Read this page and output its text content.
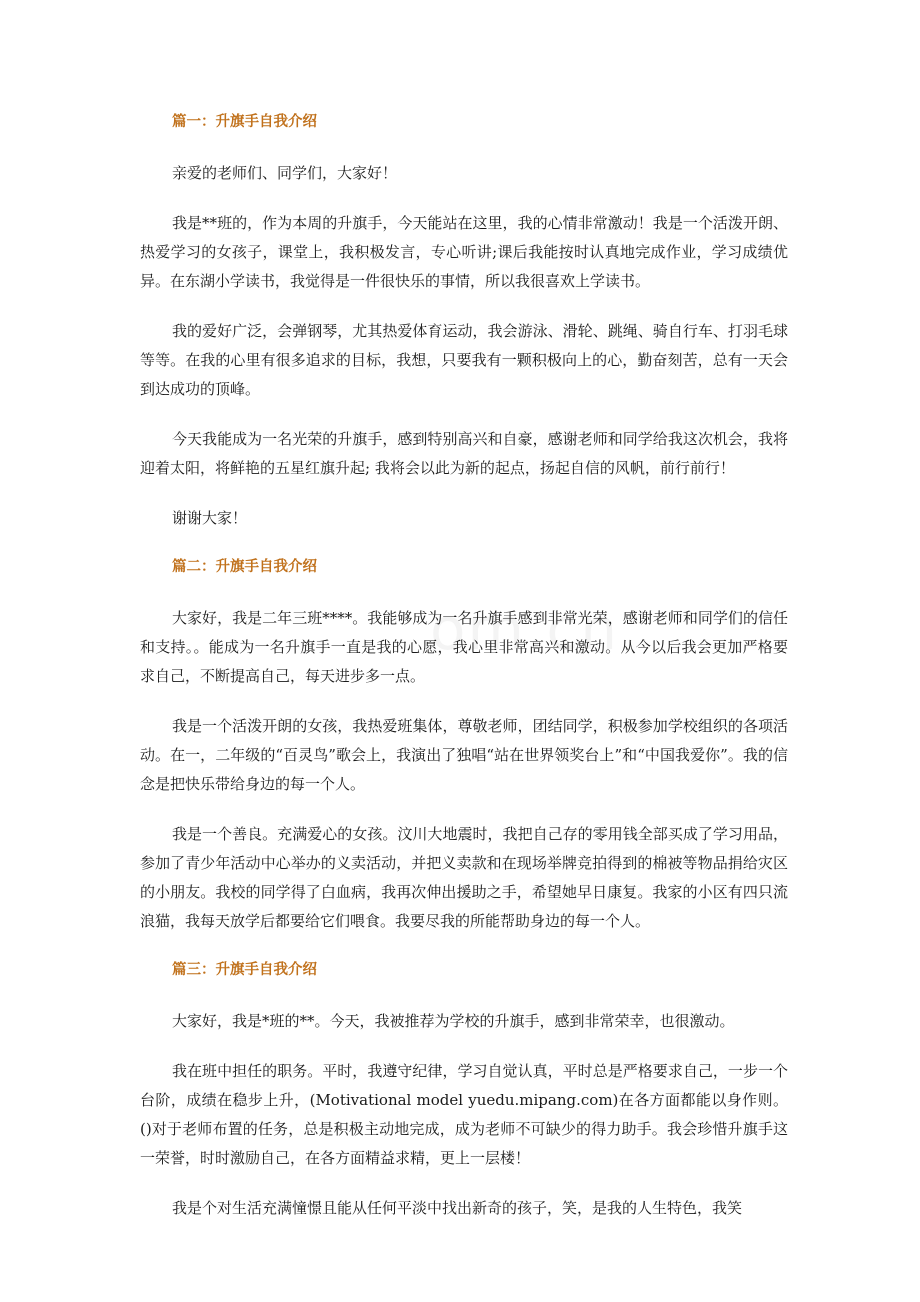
篇一：升旗手自我介绍

亲爱的老师们、同学们，大家好！

我是**班的，作为本周的升旗手，今天能站在这里，我的心情非常激动！我是一个活泼开朗、热爱学习的女孩子，课堂上，我积极发言，专心听讲;课后我能按时认真地完成作业，学习成绩优异。在东湖小学读书，我觉得是一件很快乐的事情，所以我很喜欢上学读书。

我的爱好广泛，会弹钢琴，尤其热爱体育运动，我会游泳、滑轮、跳绳、骑自行车、打羽毛球等等。在我的心里有很多追求的目标，我想，只要我有一颗积极向上的心，勤奋刻苦，总有一天会到达成功的顶峰。

今天我能成为一名光荣的升旗手，感到特别高兴和自豪，感谢老师和同学给我这次机会，我将迎着太阳，将鲜艳的五星红旗升起; 我将会以此为新的起点，扬起自信的风帆，前行前行！

谢谢大家！

篇二：升旗手自我介绍

大家好，我是二年三班****。我能够成为一名升旗手感到非常光荣，感谢老师和同学们的信任和支持。。能成为一名升旗手一直是我的心愿，我心里非常高兴和激动。从今以后我会更加严格要求自己，不断提高自己，每天进步多一点。

我是一个活泼开朗的女孩，我热爱班集体，尊敬老师，团结同学，积极参加学校组织的各项活动。在一，二年级的“百灵鸟”歌会上，我演出了独唱“站在世界领奖台上”和“中国我爱你”。我的信念是把快乐带给身边的每一个人。

我是一个善良。充满爱心的女孩。汶川大地震时，我把自己存的零用钱全部买成了学习用品，参加了青少年活动中心举办的义卖活动，并把义卖款和在现场举牌竞拍得到的棉被等物品捐给灾区的小朋友。我校的同学得了白血病，我再次伸出援助之手，希望她早日康复。我家的小区有四只流浪猫，我每天放学后都要给它们喂食。我要尽我的所能帮助身边的每一个人。

篇三：升旗手自我介绍

大家好，我是*班的**。今天，我被推荐为学校的升旗手，感到非常荣幸，也很激动。

我在班中担任的职务。平时，我遵守纪律，学习自觉认真，平时总是严格要求自己，一步一个台阶，成绩在稳步上升，(Motivational model yuedu.mipang.com)在各方面都能以身作则。()对于老师布置的任务，总是积极主动地完成，成为老师不可缺少的得力助手。我会珍惜升旗手这一荣誉，时时激励自己，在各方面精益求精，更上一层楼！

我是个对生活充满憧憬且能从任何平淡中找出新奇的孩子，笑，是我的人生特色，我笑
